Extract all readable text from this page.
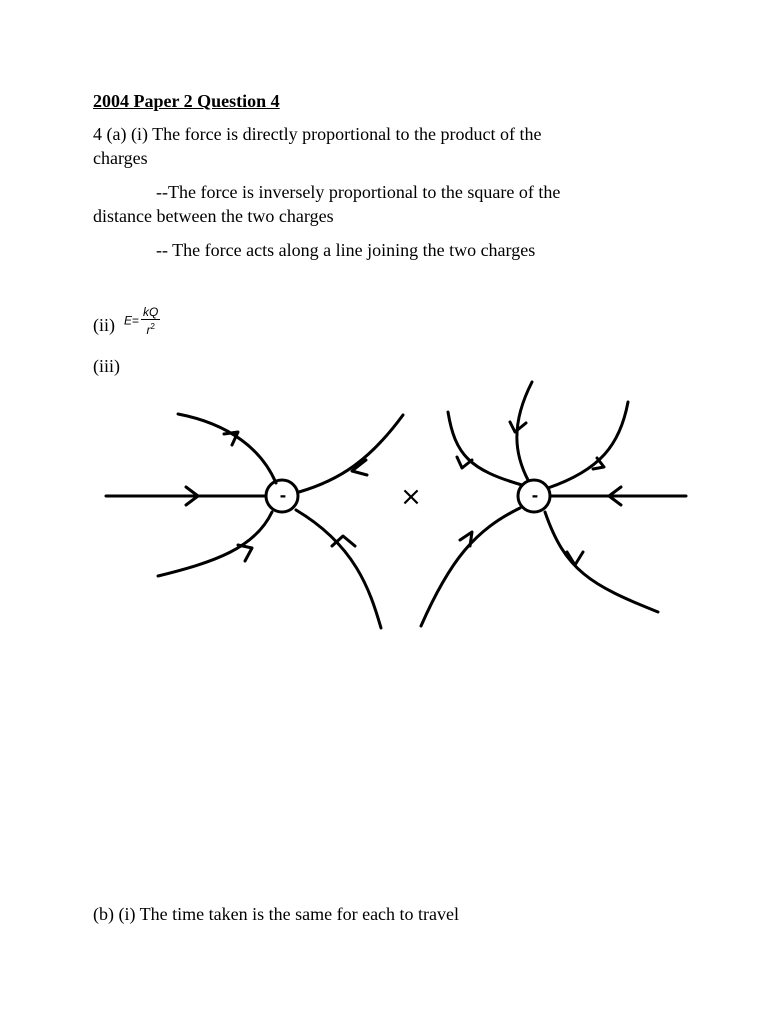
2004 Paper 2 Question 4
4 (a) (i) The force is directly proportional to the product of the
charges
--The force is inversely proportional to the square of the
distance between the two charges
-- The force acts along a line joining the two charges
(ii) $E= \frac{kQ}{r^2}$
(iii)
-	-
×
(b) (i) The time taken is the same for each to travel
